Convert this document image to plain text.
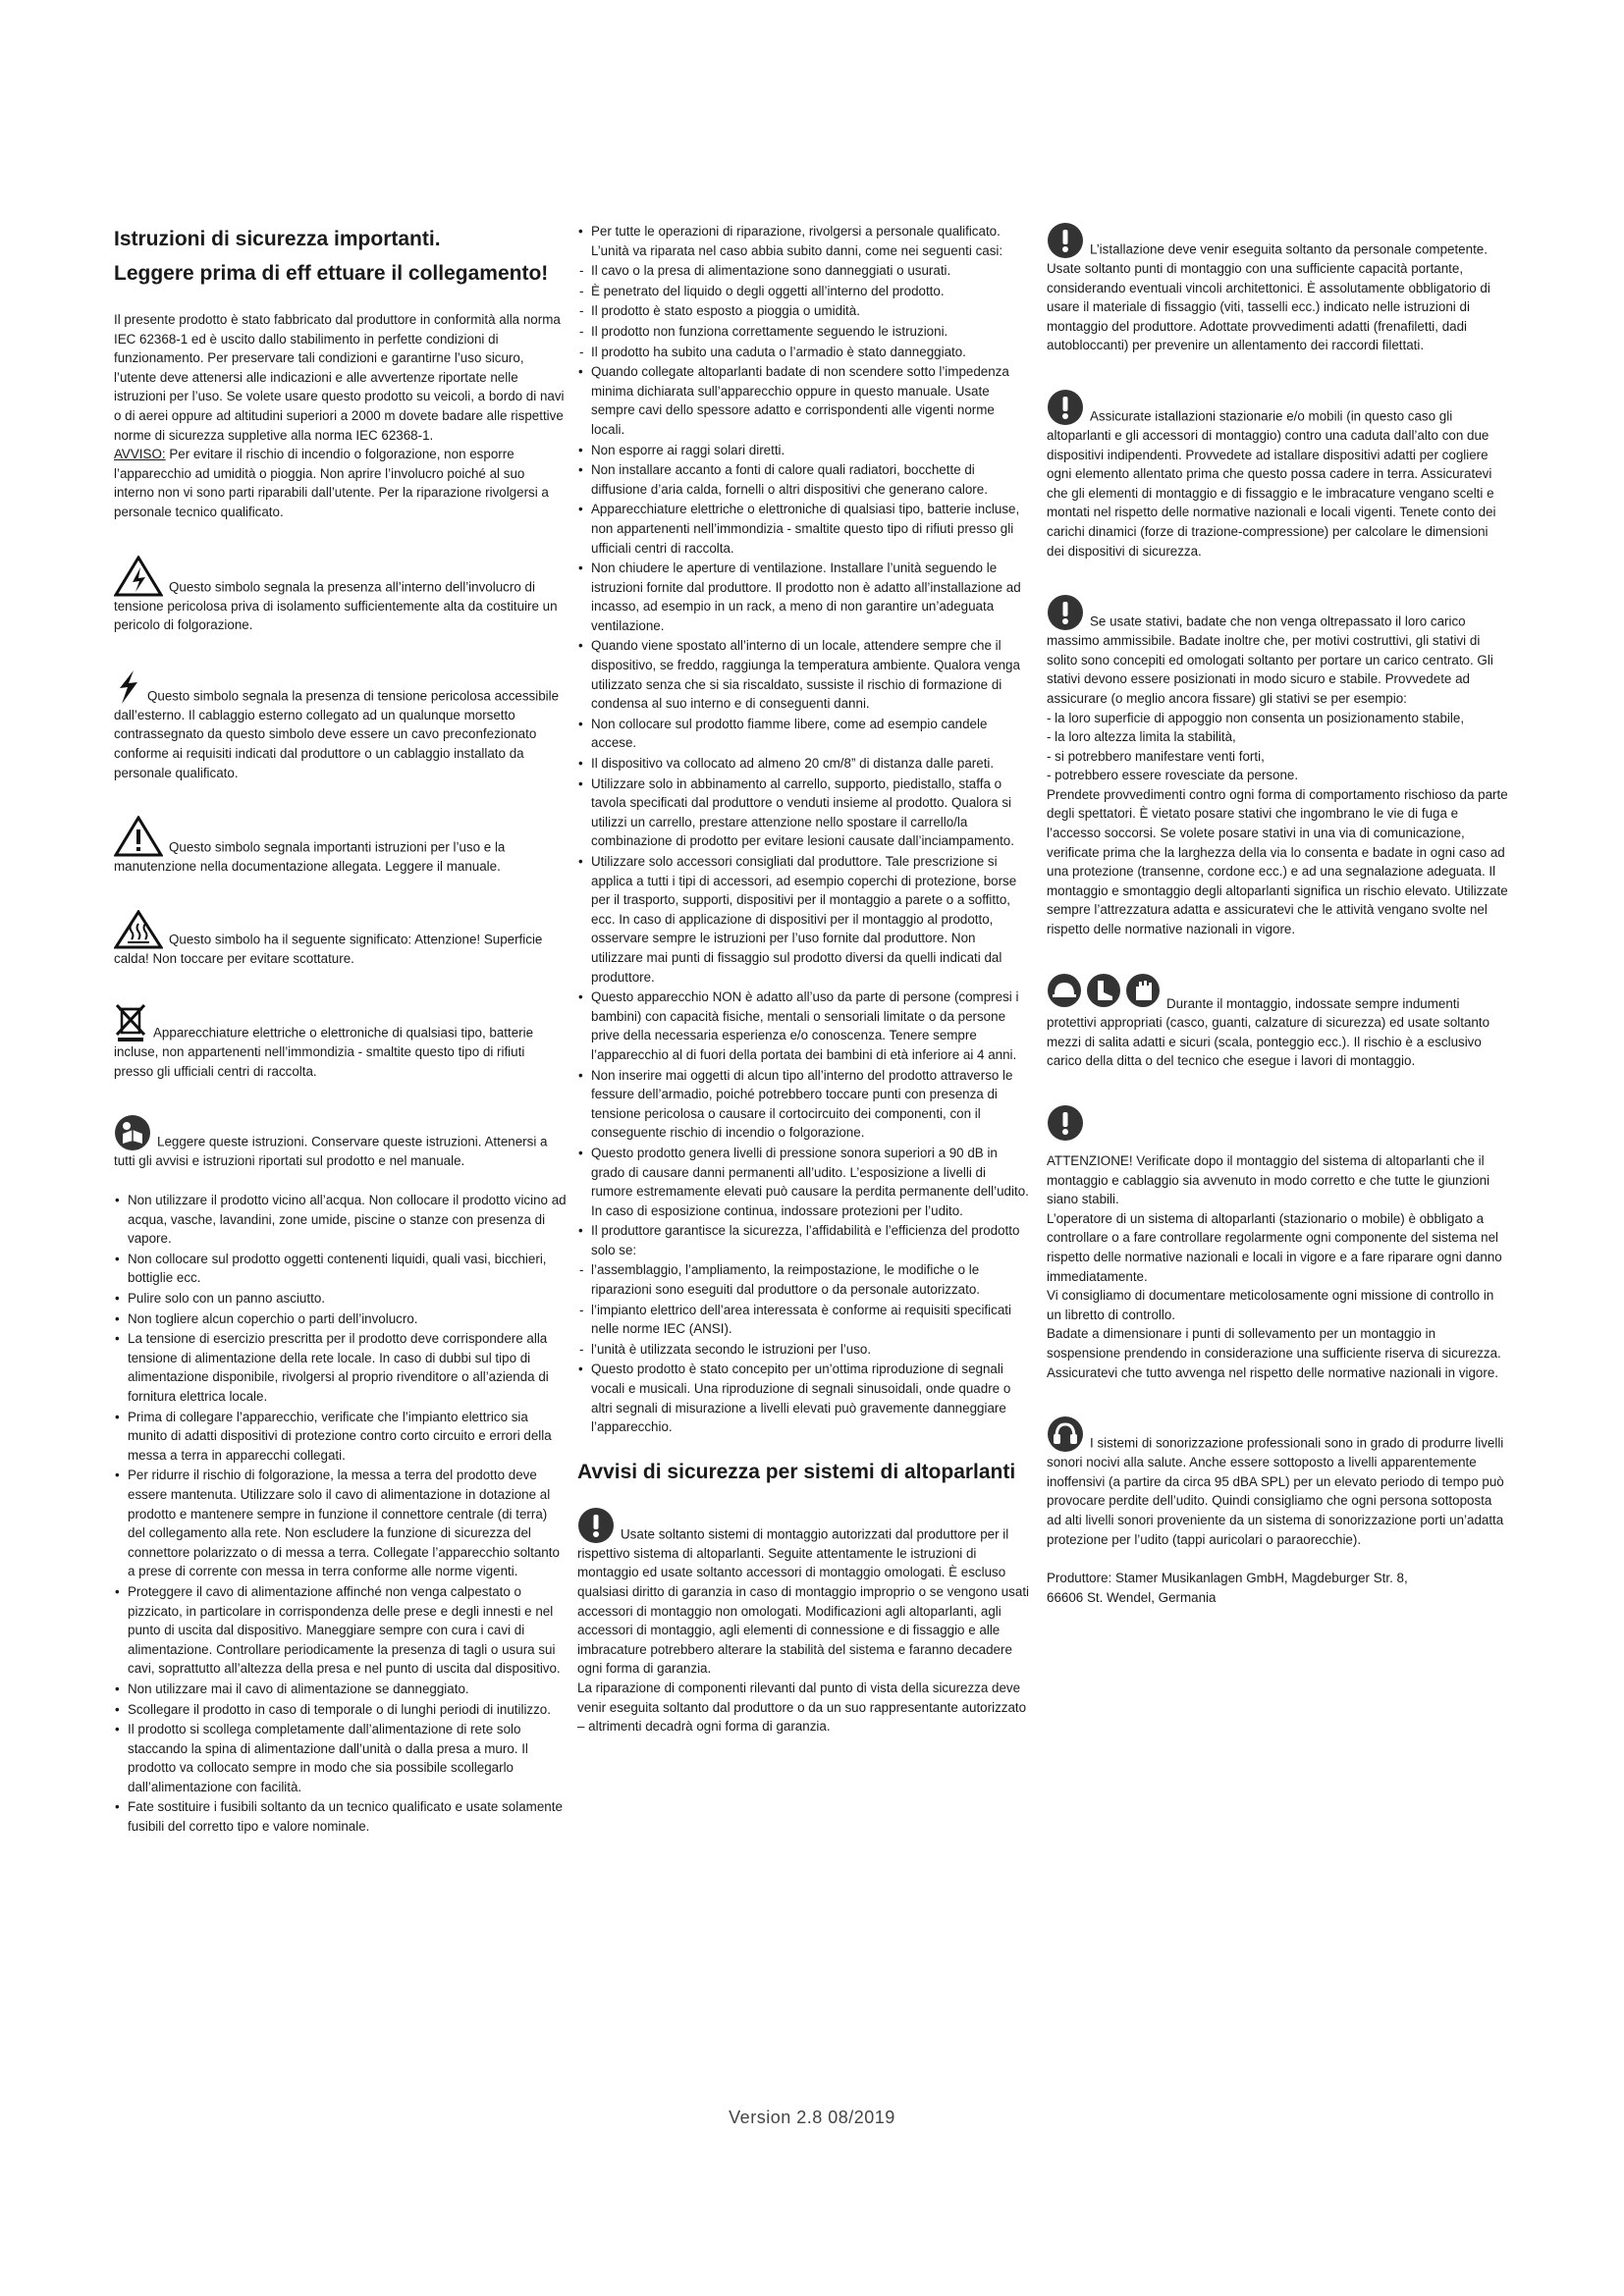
Istruzioni di sicurezza importanti.

Leggere prima di eff ettuare il collegamento!

Il presente prodotto è stato fabbricato dal produttore in conformità alla norma IEC 62368-1 ed è uscito dallo stabilimento in perfette condizioni di funzionamento. Per preservare tali condizioni e garantirne l’uso sicuro, l’utente deve attenersi alle indicazioni e alle avvertenze riportate nelle istruzioni per l’uso. Se volete usare questo prodotto su veicoli, a bordo di navi o di aerei oppure ad altitudini superiori a 2000 m dovete badare alle rispettive norme di sicurezza suppletive alla norma IEC 62368-1.

AVVISO: Per evitare il rischio di incendio o folgorazione, non esporre l’apparecchio ad umidità o pioggia. Non aprire l’involucro poiché al suo interno non vi sono parti riparabili dall’utente. Per la riparazione rivolgersi a personale tecnico qualificato.

Questo simbolo segnala la presenza all’interno dell’involucro di tensione pericolosa priva di isolamento sufficientemente alta da costituire un pericolo di folgorazione.

Questo simbolo segnala la presenza di tensione pericolosa accessibile dall’esterno. Il cablaggio esterno collegato ad un qualunque morsetto contrassegnato da questo simbolo deve essere un cavo preconfezionato conforme ai requisiti indicati dal produttore o un cablaggio installato da personale qualificato.

Questo simbolo segnala importanti istruzioni per l’uso e la manutenzione nella documentazione allegata. Leggere il manuale.

Questo simbolo ha il seguente significato: Attenzione! Superficie calda! Non toccare per evitare scottature.

Apparecchiature elettriche o elettroniche di qualsiasi tipo, batterie incluse, non appartenenti nell’immondizia - smaltite questo tipo di rifiuti presso gli ufficiali centri di raccolta.

Leggere queste istruzioni. Conservare queste istruzioni. Attenersi a tutti gli avvisi e istruzioni riportati sul prodotto e nel manuale.

• Non utilizzare il prodotto vicino all’acqua. Non collocare il prodotto vicino ad acqua, vasche, lavandini, zone umide, piscine o stanze con presenza di vapore.
• Non collocare sul prodotto oggetti contenenti liquidi, quali vasi, bicchieri, bottiglie ecc.
• Pulire solo con un panno asciutto.
• Non togliere alcun coperchio o parti dell’involucro.
• La tensione di esercizio prescritta per il prodotto deve corrispondere alla tensione di alimentazione della rete locale. In caso di dubbi sul tipo di alimentazione disponibile, rivolgersi al proprio rivenditore o all’azienda di fornitura elettrica locale.
• Prima di collegare l’apparecchio, verificate che l’impianto elettrico sia munito di adatti dispositivi di protezione contro corto circuito e errori della messa a terra in apparecchi collegati.
• Per ridurre il rischio di folgorazione, la messa a terra del prodotto deve essere mantenuta. Utilizzare solo il cavo di alimentazione in dotazione al prodotto e mantenere sempre in funzione il connettore centrale (di terra) del collegamento alla rete. Non escludere la funzione di sicurezza del connettore polarizzato o di messa a terra. Collegate l’apparecchio soltanto a prese di corrente con messa in terra conforme alle norme vigenti.
• Proteggere il cavo di alimentazione affinché non venga calpestato o pizzicato, in particolare in corrispondenza delle prese e degli innesti e nel punto di uscita dal dispositivo. Maneggiare sempre con cura i cavi di alimentazione. Controllare periodicamente la presenza di tagli o usura sui cavi, soprattutto all’altezza della presa e nel punto di uscita dal dispositivo.
• Non utilizzare mai il cavo di alimentazione se danneggiato.
• Scollegare il prodotto in caso di temporale o di lunghi periodi di inutilizzo.
• Il prodotto si scollega completamente dall’alimentazione di rete solo staccando la spina di alimentazione dall’unità o dalla presa a muro. Il prodotto va collocato sempre in modo che sia possibile scollegarlo dall’alimentazione con facilità.
• Fate sostituire i fusibili soltanto da un tecnico qualificato e usate solamente fusibili del corretto tipo e valore nominale.
• Per tutte le operazioni di riparazione, rivolgersi a personale qualificato. L’unità va riparata nel caso abbia subito danni, come nei seguenti casi:
- Il cavo o la presa di alimentazione sono danneggiati o usurati.
- È penetrato del liquido o degli oggetti all’interno del prodotto.
- Il prodotto è stato esposto a pioggia o umidità.
- Il prodotto non funziona correttamente seguendo le istruzioni.
- Il prodotto ha subito una caduta o l’armadio è stato danneggiato.
• Quando collegate altoparlanti badate di non scendere sotto l’impedenza minima dichiarata sull’apparecchio oppure in questo manuale. Usate sempre cavi dello spessore adatto e corrispondenti alle vigenti norme locali.
• Non esporre ai raggi solari diretti.
• Non installare accanto a fonti di calore quali radiatori, bocchette di diffusione d’aria calda, fornelli o altri dispositivi che generano calore.
• Apparecchiature elettriche o elettroniche di qualsiasi tipo, batterie incluse, non appartenenti nell’immondizia - smaltite questo tipo di rifiuti presso gli ufficiali centri di raccolta.
• Non chiudere le aperture di ventilazione. Installare l’unità seguendo le istruzioni fornite dal produttore. Il prodotto non è adatto all’installazione ad incasso, ad esempio in un rack, a meno di non garantire un’adeguata ventilazione.
• Quando viene spostato all’interno di un locale, attendere sempre che il dispositivo, se freddo, raggiunga la temperatura ambiente. Qualora venga utilizzato senza che si sia riscaldato, sussiste il rischio di formazione di condensa al suo interno e di conseguenti danni.
• Non collocare sul prodotto fiamme libere, come ad esempio candele accese.
• Il dispositivo va collocato ad almeno 20 cm/8” di distanza dalle pareti.
• Utilizzare solo in abbinamento al carrello, supporto, piedistallo, staffa o tavola specificati dal produttore o venduti insieme al prodotto. Qualora si utilizzi un carrello, prestare attenzione nello spostare il carrello/la combinazione di prodotto per evitare lesioni causate dall’inciampamento.
• Utilizzare solo accessori consigliati dal produttore. Tale prescrizione si applica a tutti i tipi di accessori, ad esempio coperchi di protezione, borse per il trasporto, supporti, dispositivi per il montaggio a parete o a soffitto, ecc. In caso di applicazione di dispositivi per il montaggio al prodotto, osservare sempre le istruzioni per l’uso fornite dal produttore. Non utilizzare mai punti di fissaggio sul prodotto diversi da quelli indicati dal produttore.
• Questo apparecchio NON è adatto all’uso da parte di persone (compresi i bambini) con capacità fisiche, mentali o sensoriali limitate o da persone prive della necessaria esperienza e/o conoscenza. Tenere sempre l’apparecchio al di fuori della portata dei bambini di età inferiore ai 4 anni.
• Non inserire mai oggetti di alcun tipo all’interno del prodotto attraverso le fessure dell’armadio, poiché potrebbero toccare punti con presenza di tensione pericolosa o causare il cortocircuito dei componenti, con il conseguente rischio di incendio o folgorazione.
• Questo prodotto genera livelli di pressione sonora superiori a 90 dB in grado di causare danni permanenti all’udito. L’esposizione a livelli di rumore estremamente elevati può causare la perdita permanente dell’udito. In caso di esposizione continua, indossare protezioni per l’udito.
• Il produttore garantisce la sicurezza, l’affidabilità e l’efficienza del prodotto solo se:
- l’assemblaggio, l’ampliamento, la reimpostazione, le modifiche o le riparazioni sono eseguiti dal produttore o da personale autorizzato.
- l’impianto elettrico dell’area interessata è conforme ai requisiti specificati nelle norme IEC (ANSI).
- l’unità è utilizzata secondo le istruzioni per l’uso.
• Questo prodotto è stato concepito per un’ottima riproduzione di segnali vocali e musicali. Una riproduzione di segnali sinusoidali, onde quadre o altri segnali di misurazione a livelli elevati può gravemente danneggiare l’apparecchio.

Avvisi di sicurezza per sistemi di altoparlanti

Usate soltanto sistemi di montaggio autorizzati dal produttore per il rispettivo sistema di altoparlanti. Seguite attentamente le istruzioni di montaggio ed usate soltanto accessori di montaggio omologati. È escluso qualsiasi diritto di garanzia in caso di montaggio improprio o se vengono usati accessori di montaggio non omologati. Modificazioni agli altoparlanti, agli accessori di montaggio, agli elementi di connessione e di fissaggio e alle imbracature potrebbero alterare la stabilità del sistema e faranno decadere ogni forma di garanzia.

La riparazione di componenti rilevanti dal punto di vista della sicurezza deve venir eseguita soltanto dal produttore o da un suo rappresentante autorizzato – altrimenti decadrà ogni forma di garanzia.

L’istallazione deve venir eseguita soltanto da personale competente. Usate soltanto punti di montaggio con una sufficiente capacità portante, considerando eventuali vincoli architettonici. È assolutamente obbligatorio di usare il materiale di fissaggio (viti, tasselli ecc.) indicato nelle istruzioni di montaggio del produttore. Adottate provvedimenti adatti (frenafiletti, dadi autobloccanti) per prevenire un allentamento dei raccordi filettati.

Assicurate istallazioni stazionarie e/o mobili (in questo caso gli altoparlanti e gli accessori di montaggio) contro una caduta dall’alto con due dispositivi indipendenti. Provvedete ad istallare dispositivi adatti per cogliere ogni elemento allentato prima che questo possa cadere in terra. Assicuratevi che gli elementi di montaggio e di fissaggio e le imbracature vengano scelti e montati nel rispetto delle normative nazionali e locali vigenti. Tenete conto dei carichi dinamici (forze di trazione-compressione) per calcolare le dimensioni dei dispositivi di sicurezza.

Se usate stativi, badate che non venga oltrepassato il loro carico massimo ammissibile. Badate inoltre che, per motivi costruttivi, gli stativi di solito sono concepiti ed omologati soltanto per portare un carico centrato. Gli stativi devono essere posizionati in modo sicuro e stabile. Provvedete ad assicurare (o meglio ancora fissare) gli stativi se per esempio:

- la loro superficie di appoggio non consenta un posizionamento stabile,

- la loro altezza limita la stabilità,

- si potrebbero manifestare venti forti,

- potrebbero essere rovesciate da persone.

Prendete provvedimenti contro ogni forma di comportamento rischioso da parte degli spettatori. È vietato posare stativi che ingombrano le vie di fuga e l’accesso soccorsi. Se volete posare stativi in una via di comunicazione, verificate prima che la larghezza della via lo consenta e badate in ogni caso ad una protezione (transenne, cordone ecc.) e ad una segnalazione adeguata. Il montaggio e smontaggio degli altoparlanti significa un rischio elevato. Utilizzate sempre l’attrezzatura adatta e assicuratevi che le attività vengano svolte nel rispetto delle normative nazionali in vigore.

Durante il montaggio, indossate sempre indumenti protettivi appropriati (casco, guanti, calzature di sicurezza) ed usate soltanto mezzi di salita adatti e sicuri (scala, ponteggio ecc.). Il rischio è a esclusivo carico della ditta o del tecnico che esegue i lavori di montaggio.

ATTENZIONE! Verificate dopo il montaggio del sistema di altoparlanti che il montaggio e cablaggio sia avvenuto in modo corretto e che tutte le giunzioni siano stabili.

L’operatore di un sistema di altoparlanti (stazionario o mobile) è obbligato a controllare o a fare controllare regolarmente ogni componente del sistema nel rispetto delle normative nazionali e locali in vigore e a fare riparare ogni danno immediatamente.

Vi consigliamo di documentare meticolosamente ogni missione di controllo in un libretto di controllo.

Badate a dimensionare i punti di sollevamento per un montaggio in sospensione prendendo in considerazione una sufficiente riserva di sicurezza. Assicuratevi che tutto avvenga nel rispetto delle normative nazionali in vigore.

I sistemi di sonorizzazione professionali sono in grado di produrre livelli sonori nocivi alla salute. Anche essere sottoposto a livelli apparentemente inoffensivi (a partire da circa 95 dBA SPL) per un elevato periodo di tempo può provocare perdite dell’udito. Quindi consigliamo che ogni persona sottoposta ad alti livelli sonori proveniente da un sistema di sonorizzazione porti un’adatta protezione per l’udito (tappi auricolari o paraorecchie).

Produttore: Stamer Musikanlagen GmbH, Magdeburger Str. 8,

66606 St. Wendel, Germania

Version 2.8 08/2019
